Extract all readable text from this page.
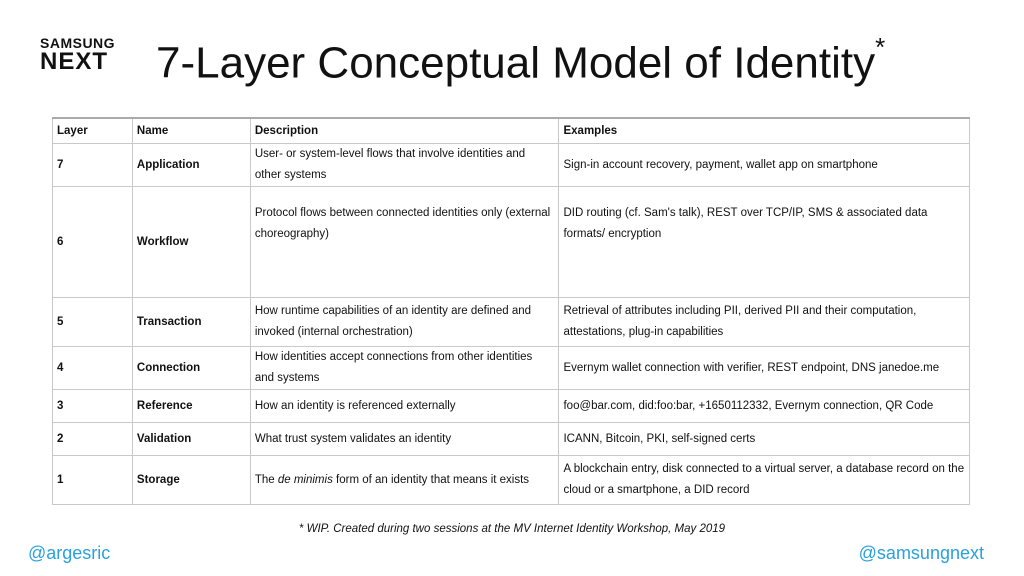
SAMSUNG
NEXT 7-Layer Conceptual Model of Identity*
Layer	Name	Description	Examples
7	Application	User- or system-level flows that involve identities and other systems	Sign-in account recovery, payment, wallet app on smartphone
6	Workflow	Protocol flows between connected identities only (external choreography)	DID routing (cf. Sam's talk), REST over TCP/IP, SMS & associated data formats/ encryption
5	Transaction	How runtime capabilities of an identity are defined and invoked (internal orchestration)	Retrieval of attributes including PII, derived PII and their computation, attestations, plug-in capabilities
4	Connection	How identities accept connections from other identities and systems	Evernym wallet connection with verifier, REST endpoint, DNS janedoe.me
3	Reference	How an identity is referenced externally	foo@bar.com, did:foo:bar, +1650112332, Evernym connection, QR Code
2	Validation	What trust system validates an identity	ICANN, Bitcoin, PKI, self-signed certs
1	Storage	The de minimis form of an identity that means it exists	A blockchain entry, disk connected to a virtual server, a database record on the cloud or a smartphone, a DID record
* WIP. Created during two sessions at the MV Internet Identity Workshop, May 2019
@argesric	@samsungnext
